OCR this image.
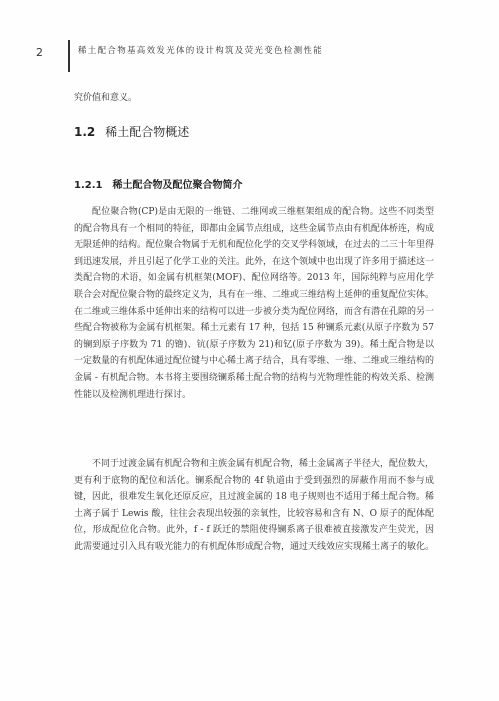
2	稀土配合物基高效发光体的设计构筑及荧光变色检测性能
究价值和意义。
1.2 稀土配合物概述
1.2.1 稀土配合物及配位聚合物简介

配位聚合物(CP)是由无限的一维链、二维网或三维框架组成的配合物。这些不同类型的配合物具有一个相同的特征，即都由金属节点组成，这些金属节点由有机配体桥连，构成无限延伸的结构。配位聚合物属于无机和配位化学的交叉学科领域，在过去的二三十年里得到迅速发展，并且引起了化学工业的关注。此外，在这个领域中也出现了许多用于描述这一类配合物的术语，如金属有机框架(MOF)、配位网络等。2013 年，国际纯粹与应用化学联合会对配位聚合物的最终定义为，具有在一维、二维或三维结构上延伸的重复配位实体。在二维或三维体系中延伸出来的结构可以进一步被分类为配位网络，而含有潜在孔隙的另一些配合物被称为金属有机框架。稀土元素有 17 种，包括 15 种镧系元素(从原子序数为 57 的镧到原子序数为 71 的镥)、钪(原子序数为 21)和钇(原子序数为 39)。稀土配合物是以一定数量的有机配体通过配位键与中心稀土离子结合，具有零维、一维、二维或三维结构的金属 - 有机配合物。本书将主要围绕镧系稀土配合物的结构与光物理性能的构效关系、检测性能以及检测机理进行探讨。

不同于过渡金属有机配合物和主族金属有机配合物，稀土金属离子半径大，配位数大，更有利于底物的配位和活化。镧系配合物的 4f 轨道由于受到强烈的屏蔽作用而不参与成键，因此，很难发生氧化还原反应，且过渡金属的 18 电子规则也不适用于稀土配合物。稀土离子属于 Lewis 酸，往往会表现出较强的亲氧性，比较容易和含有 N、O 原子的配体配位，形成配位化合物。此外，f - f 跃迁的禁阻使得镧系离子很难被直接激发产生荧光，因此需要通过引入具有吸光能力的有机配体形成配合物，通过天线效应实现稀土离子的敏化。
